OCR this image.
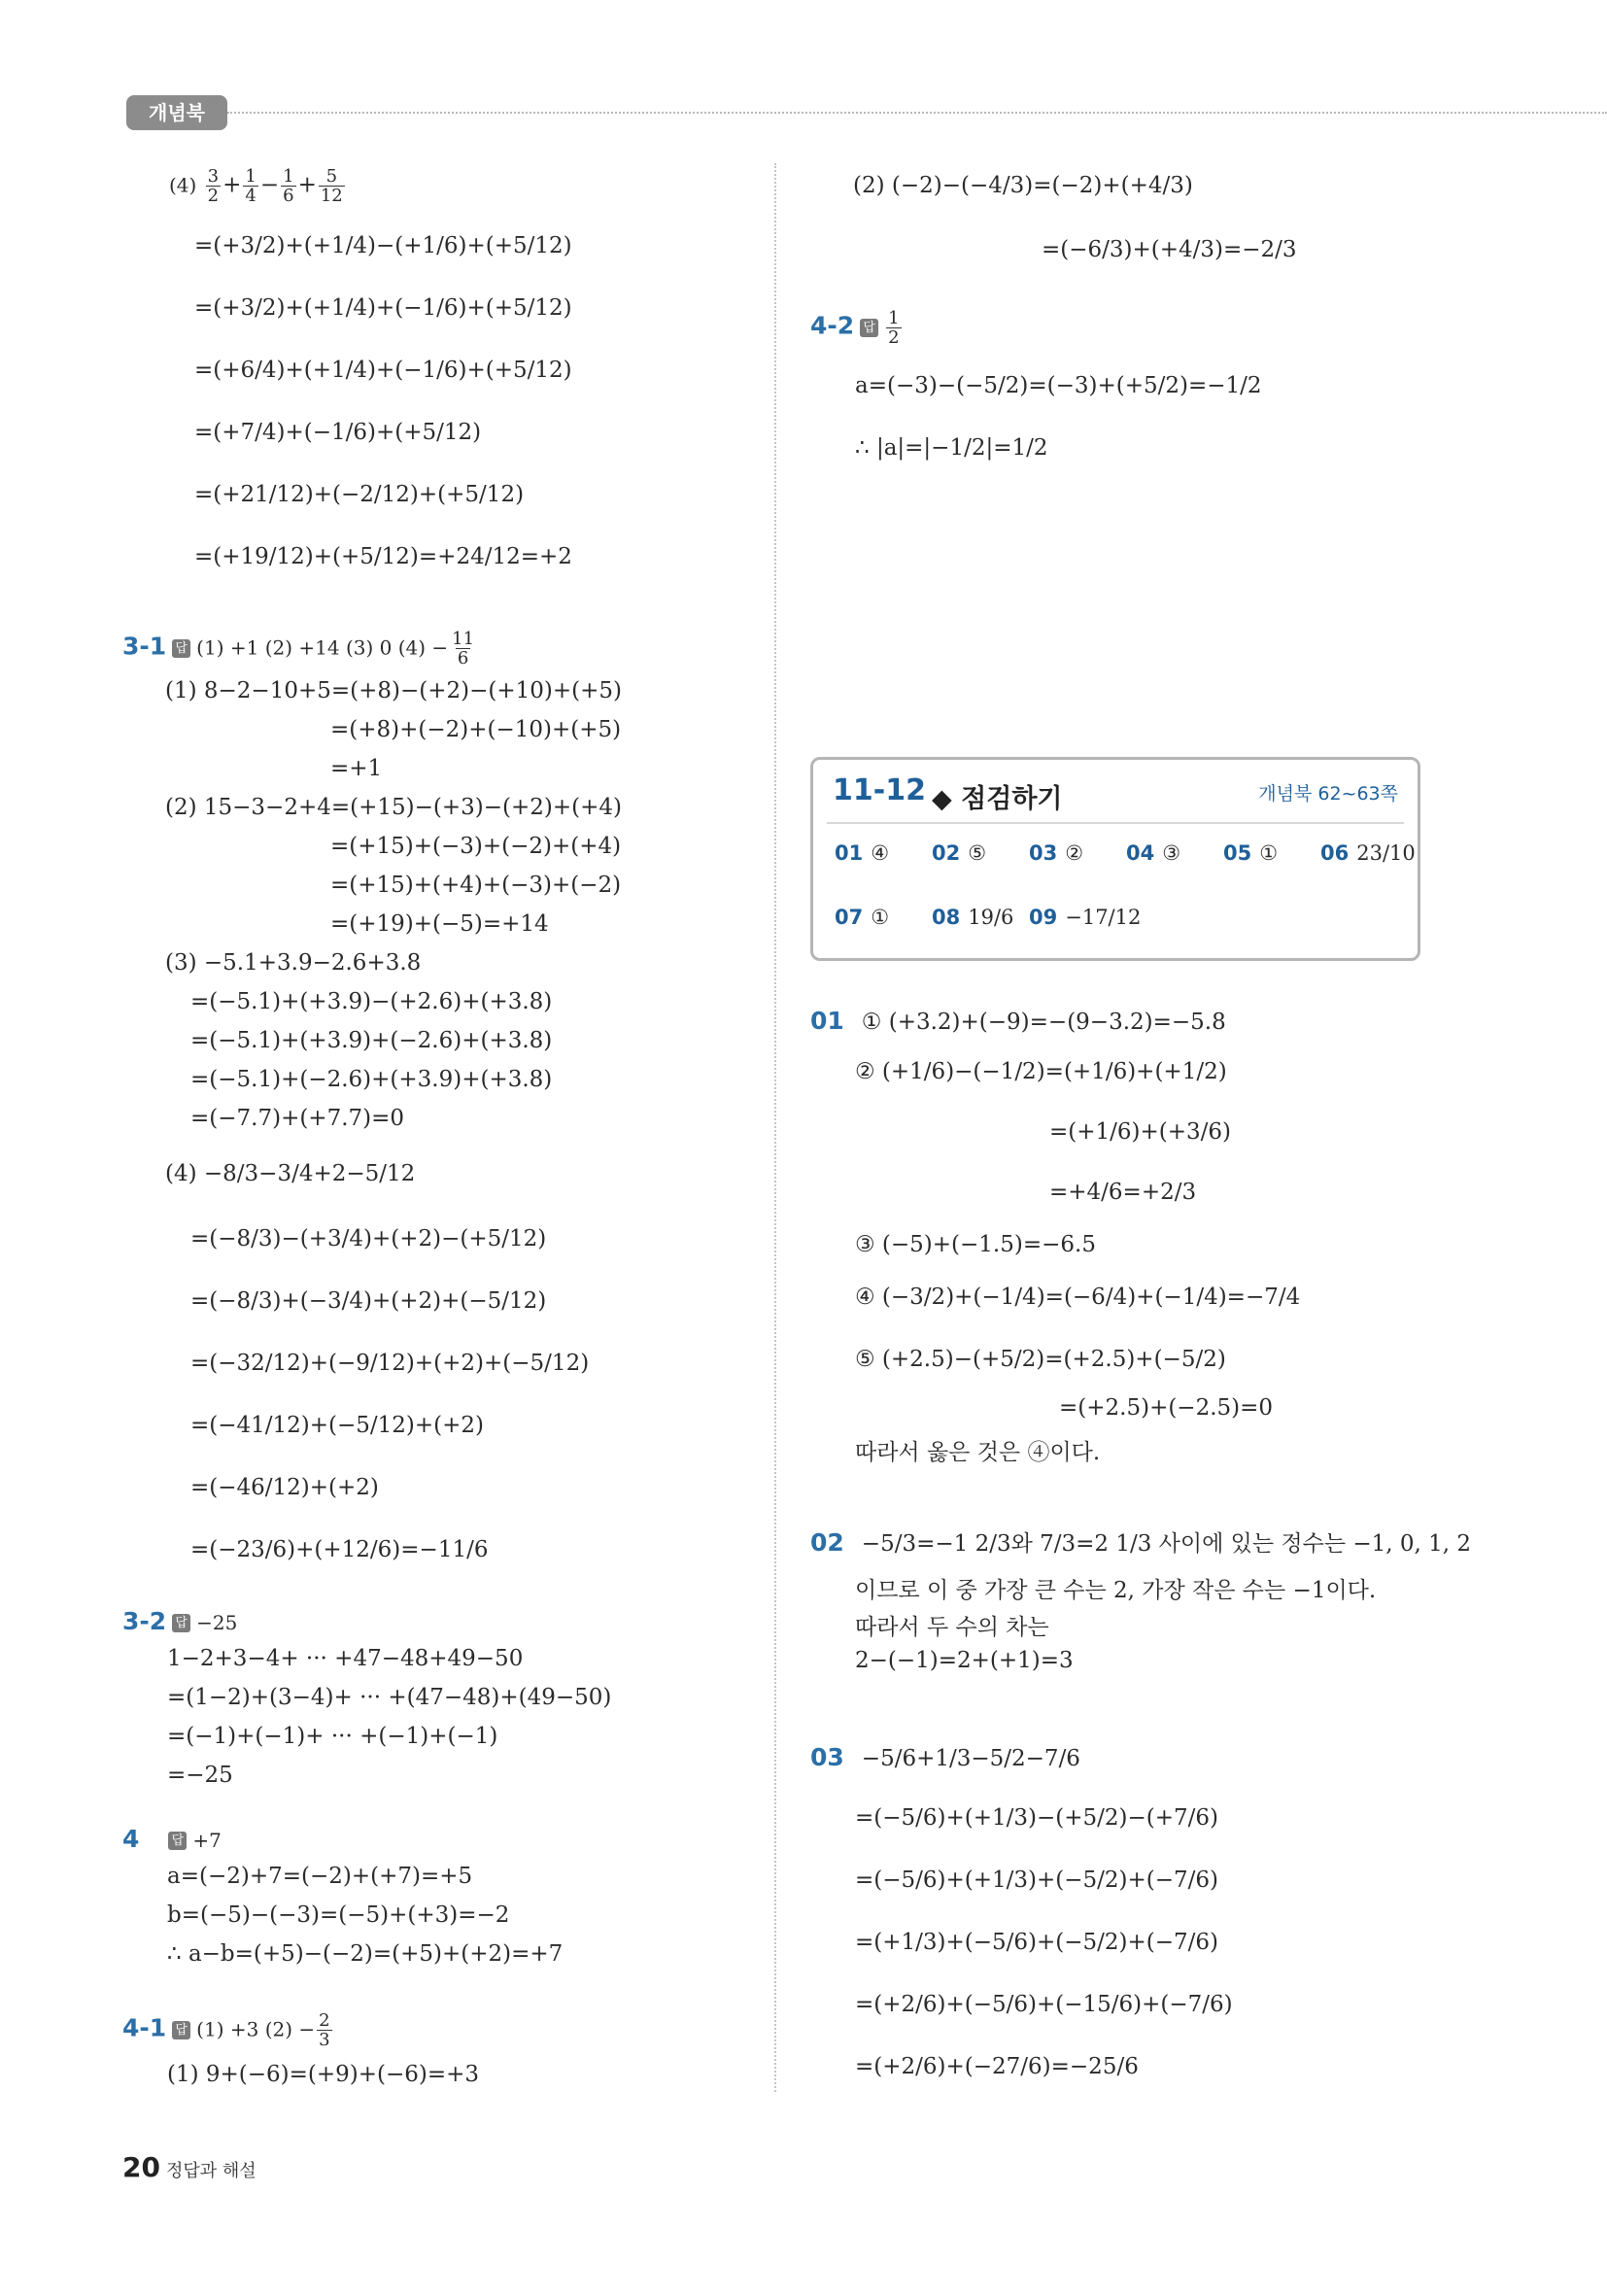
개념북
$(4) \frac{3}{2} + \frac{1}{4} - \frac{1}{6} + \frac{5}{12}$
=(+3/2)+(+1/4)−(+1/6)+(+5/12)
=(+3/2)+(+1/4)+(−1/6)+(+5/12)
=(+6/4)+(+1/4)+(−1/6)+(+5/12)
=(+7/4)+(−1/6)+(+5/12)
=(+21/12)+(−2/12)+(+5/12)
=(+19/12)+(+5/12)=+24/12=+2
3-1 답 (1) +1 (2) +14 (3) 0 $(4) - \frac{11}{6}$
(1) 8−2−10+5=(+8)−(+2)−(+10)+(+5)
=(+8)+(−2)+(−10)+(+5)
=+1
(2) 15−3−2+4=(+15)−(+3)−(+2)+(+4)
=(+15)+(−3)+(−2)+(+4)
=(+15)+(+4)+(−3)+(−2)
=(+19)+(−5)=+14
(3) −5.1+3.9−2.6+3.8
=(−5.1)+(+3.9)−(+2.6)+(+3.8)
=(−5.1)+(+3.9)+(−2.6)+(+3.8)
=(−5.1)+(−2.6)+(+3.9)+(+3.8)
=(−7.7)+(+7.7)=0
(4) −8/3−3/4+2−5/12
=(−8/3)−(+3/4)+(+2)−(+5/12)
=(−8/3)+(−3/4)+(+2)+(−5/12)
=(−32/12)+(−9/12)+(+2)+(−5/12)
=(−41/12)+(−5/12)+(+2)
=(−46/12)+(+2)
=(−23/6)+(+12/6)=−11/6
3-2 답 −25
1−2+3−4+ ··· +47−48+49−50
=(1−2)+(3−4)+ ··· +(47−48)+(49−50)
=(−1)+(−1)+ ··· +(−1)+(−1)
=−25
4	답 +7
a=(−2)+7=(−2)+(+7)=+5
b=(−5)−(−3)=(−5)+(+3)=−2
∴ a−b=(+5)−(−2)=(+5)+(+2)=+7
4-1 답 (1) +3 $(2) - \frac{2}{3}$
(1) 9+(−6)=(+9)+(−6)=+3
(2) (−2)−(−4/3)=(−2)+(+4/3)
=(−6/3)+(+4/3)=−2/3
4-2 답 $\frac{1}{2}$
a=(−3)−(−5/2)=(−3)+(+5/2)=−1/2
∴ |a|=|−1/2|=1/2
11-12 ◆ 점검하기	개념북 62~63쪽
01 ④ 02 ⑤ 03 ② 04 ③ 05 ① 06 23/10
07 ① 08 19/6 09 −17/12
01 ① (+3.2)+(−9)=−(9−3.2)=−5.8
② (+1/6)−(−1/2)=(+1/6)+(+1/2)
=(+1/6)+(+3/6)
=+4/6=+2/3
③ (−5)+(−1.5)=−6.5
④ (−3/2)+(−1/4)=(−6/4)+(−1/4)=−7/4
⑤ (+2.5)−(+5/2)=(+2.5)+(−5/2)
=(+2.5)+(−2.5)=0
따라서 옳은 것은 ④이다.
02 −5/3=−1 2/3와 7/3=2 1/3 사이에 있는 정수는 −1, 0, 1, 2
이므로 이 중 가장 큰 수는 2, 가장 작은 수는 −1이다.
따라서 두 수의 차는
2−(−1)=2+(+1)=3
03 −5/6+1/3−5/2−7/6
=(−5/6)+(+1/3)−(+5/2)−(+7/6)
=(−5/6)+(+1/3)+(−5/2)+(−7/6)
=(+1/3)+(−5/6)+(−5/2)+(−7/6)
=(+2/6)+(−5/6)+(−15/6)+(−7/6)
=(+2/6)+(−27/6)=−25/6
20 정답과 해설
